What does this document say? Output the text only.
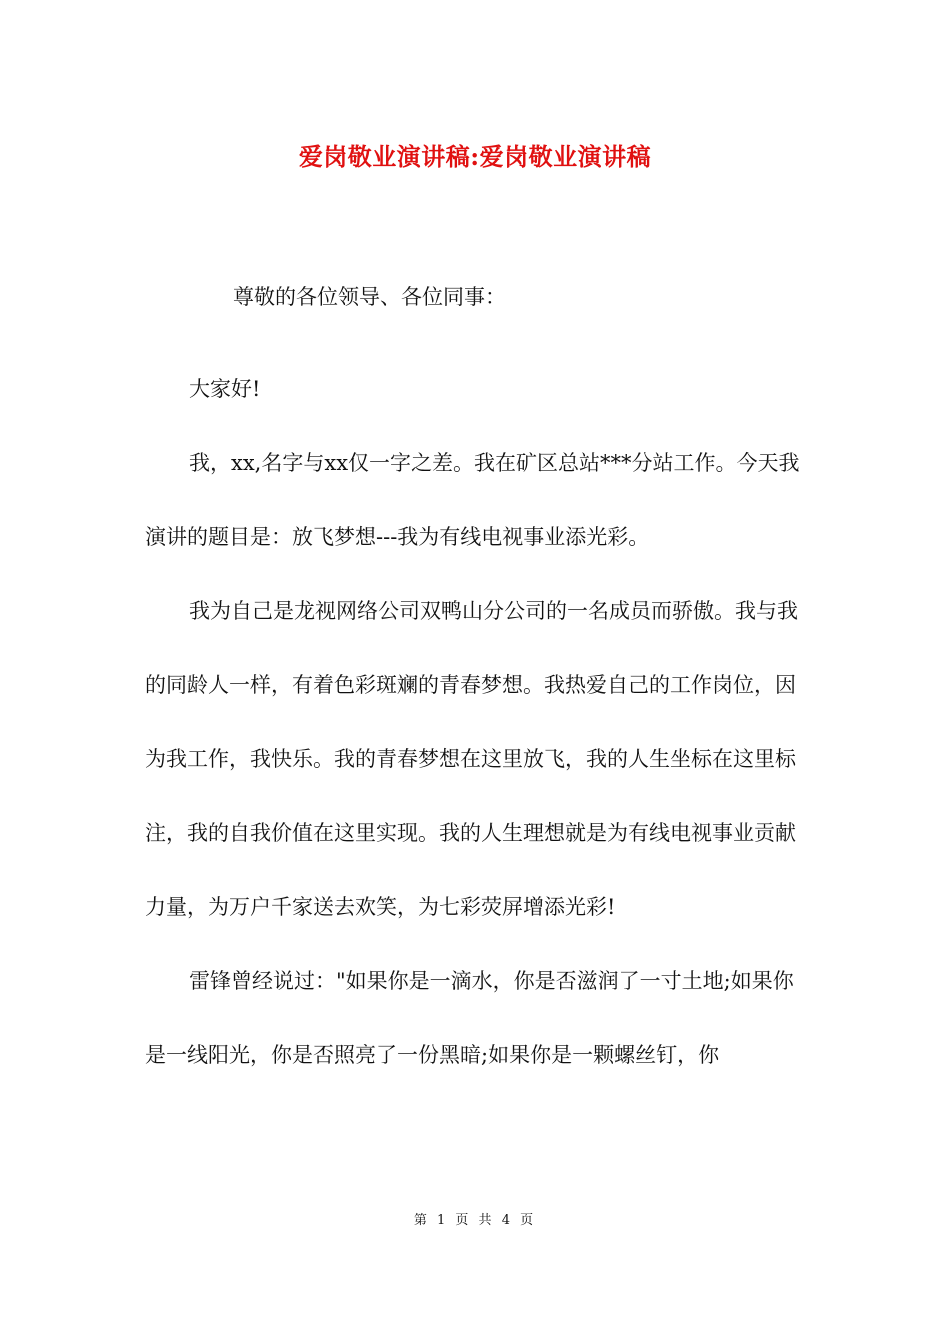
爱岗敬业演讲稿:爱岗敬业演讲稿
尊敬的各位领导、各位同事：

大家好!

我，xx,名字与xx仅一字之差。我在矿区总站***分站工作。今天我演讲的题目是：放飞梦想---我为有线电视事业添光彩。

我为自己是龙视网络公司双鸭山分公司的一名成员而骄傲。我与我的同龄人一样，有着色彩斑斓的青春梦想。我热爱自己的工作岗位，因为我工作，我快乐。我的青春梦想在这里放飞，我的人生坐标在这里标注，我的自我价值在这里实现。我的人生理想就是为有线电视事业贡献力量，为万户千家送去欢笑，为七彩荧屏增添光彩!

雷锋曾经说过："如果你是一滴水，你是否滋润了一寸土地;如果你是一线阳光，你是否照亮了一份黑暗;如果你是一颗螺丝钉，你

第 1 页 共 4 页
